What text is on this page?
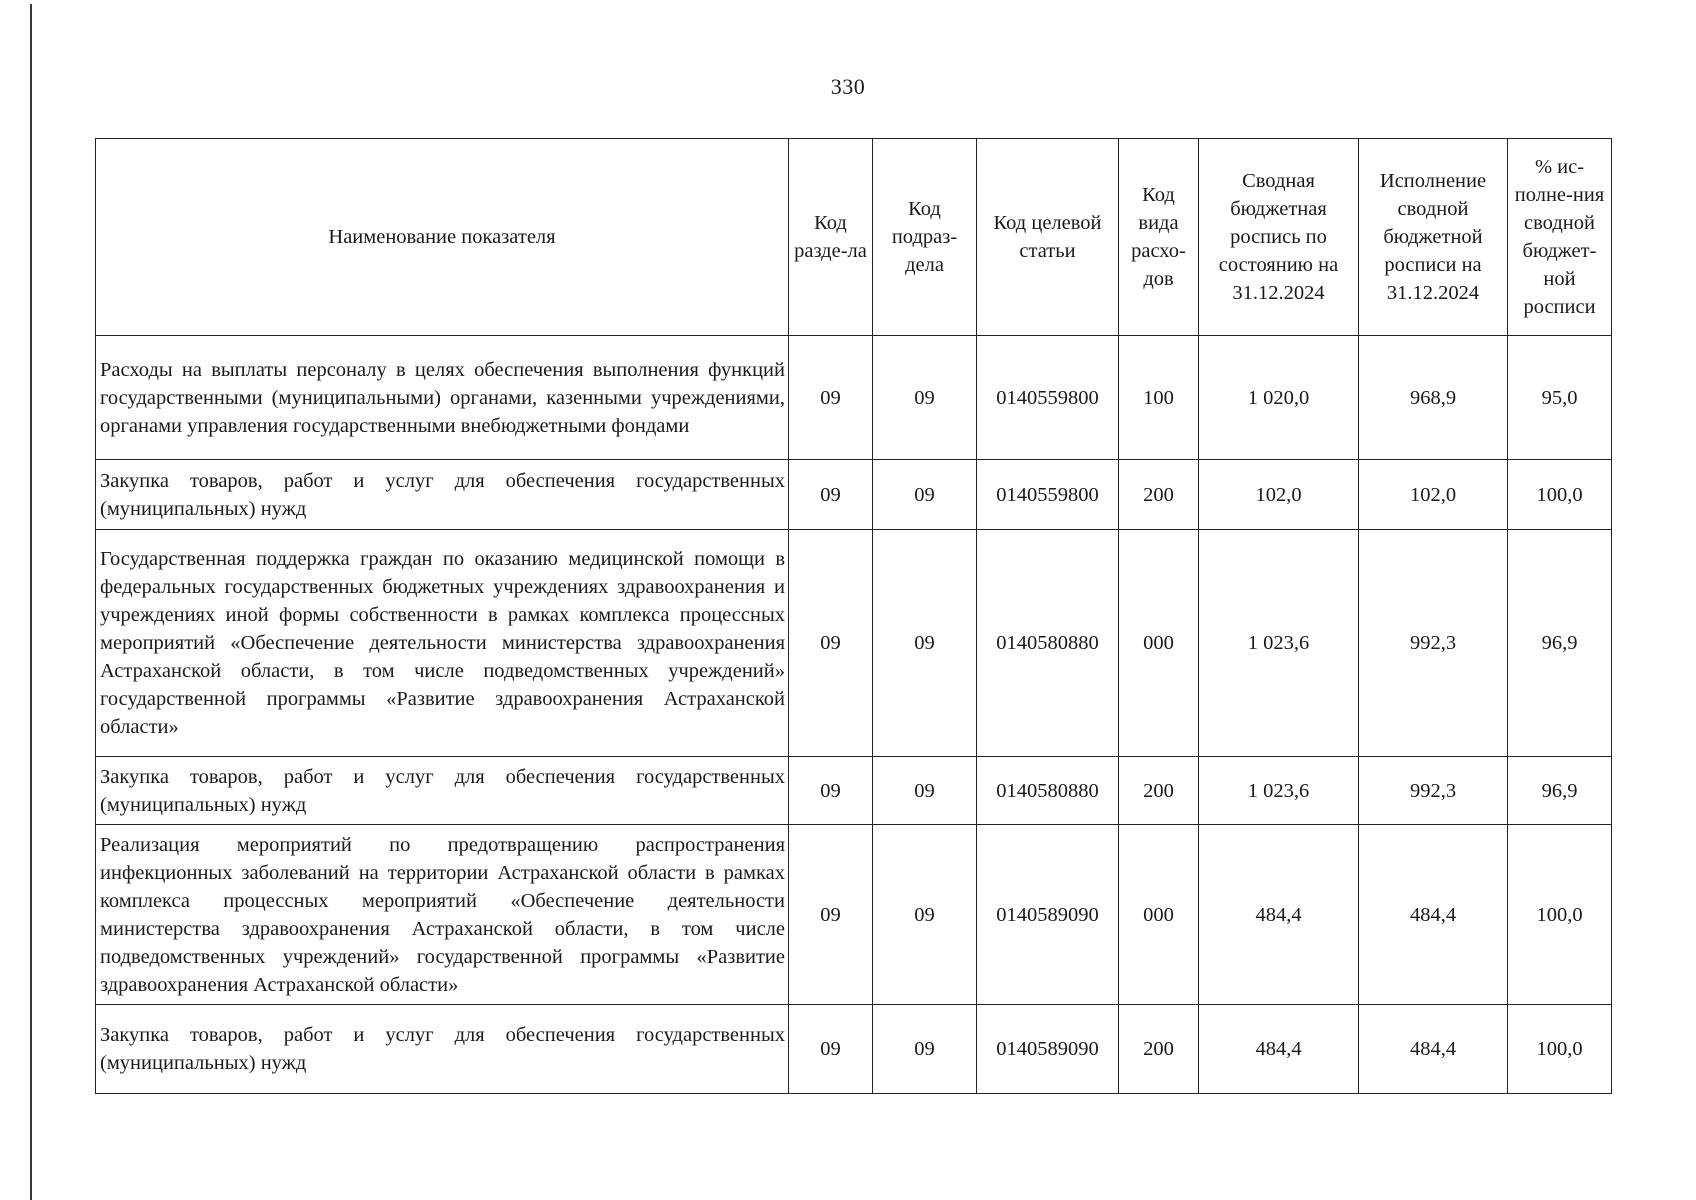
330
Наименование показателя	Код разде-ла	Код подраз-дела	Код целевой статьи	Код вида расхо-дов	Сводная бюджетная роспись по состоянию на 31.12.2024	Исполнение сводной бюджетной росписи на 31.12.2024	% ис-полне-ния сводной бюджет-ной росписи
Расходы на выплаты персоналу в целях обеспечения выполнения функций государственными (муниципальными) органами, казенными учреждениями, органами управления государственными внебюджетными фондами	09	09	0140559800	100	1 020,0	968,9	95,0
Закупка товаров, работ и услуг для обеспечения государственных (муниципальных) нужд	09	09	0140559800	200	102,0	102,0	100,0
Государственная поддержка граждан по оказанию медицинской помощи в федеральных государственных бюджетных учреждениях здравоохранения и учреждениях иной формы собственности в рамках комплекса процессных мероприятий «Обеспечение деятельности министерства здравоохранения Астраханской области, в том числе подведомственных учреждений» государственной программы «Развитие здравоохранения Астраханской области»	09	09	0140580880	000	1 023,6	992,3	96,9
Закупка товаров, работ и услуг для обеспечения государственных (муниципальных) нужд	09	09	0140580880	200	1 023,6	992,3	96,9
Реализация мероприятий по предотвращению распространения инфекционных заболеваний на территории Астраханской области в рамках комплекса процессных мероприятий «Обеспечение деятельности министерства здравоохранения Астраханской области, в том числе подведомственных учреждений» государственной программы «Развитие здравоохранения Астраханской области»	09	09	0140589090	000	484,4	484,4	100,0
Закупка товаров, работ и услуг для обеспечения государственных (муниципальных) нужд	09	09	0140589090	200	484,4	484,4	100,0
